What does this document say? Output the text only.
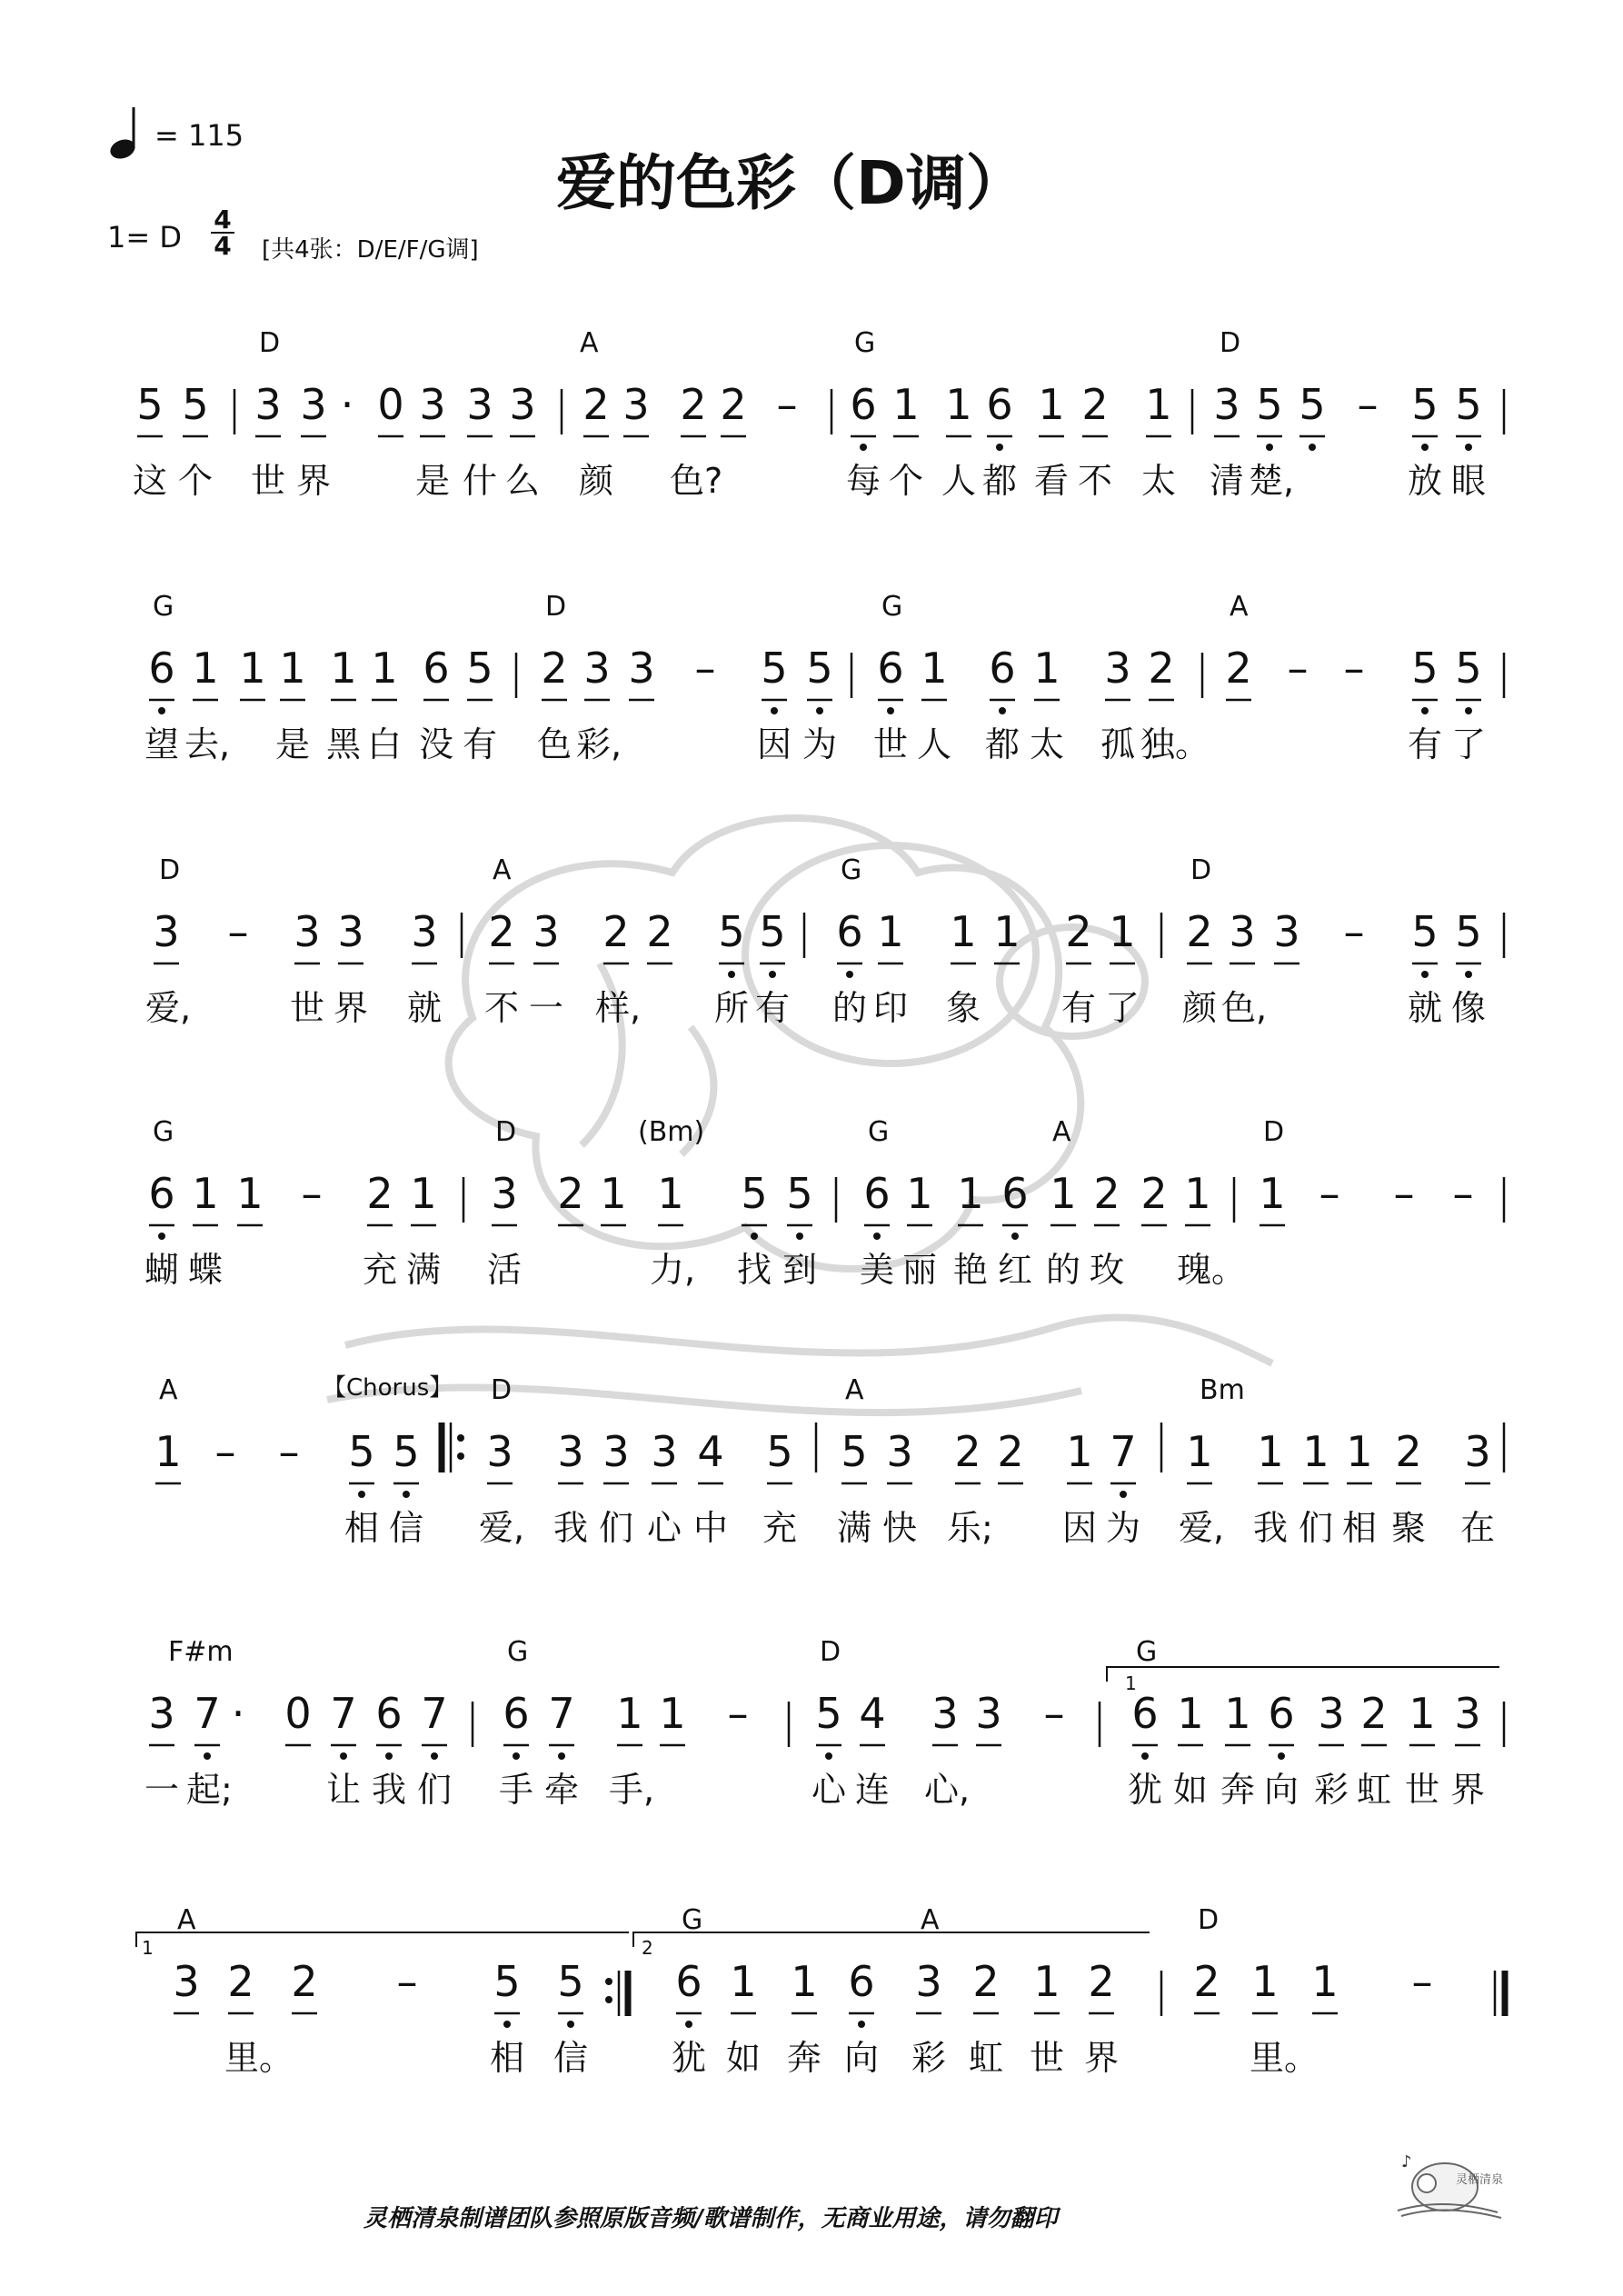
= 115
爱的色彩（D调）
1= D
4
4 [共4张：D/E/F/G调]
D	A	G	D
5 5 3 3 · 0 3 3 3 2 3 2 2 – 6 1 1 6 1 2 1 3 5 5 – 5 5
这 个 世 界 是 什 么 颜 色?	每 个 人 都 看 不 太 清 楚,	放 眼
G	D	G	A
6 1 1 1 1 1 6 5 2 3 3 – 5 5 6 1 6 1 3 2 2 – – 5 5
望 去, 是 黑 白 没 有 色 彩,	因 为 世 人 都 太 孤 独。	有 了
D	A	G	D
3 – 3 3 3 2 3 2 2 5 5 6 1 1 1 2 1 2 3 3 – 5 5
爱,	世 界 就 不 一 样, 所 有 的 印 象 有 了 颜 色,	就 像
G	D	(Bm)	G	A	D
6 1 1 – 2 1 3 2 1 1 5 5 6 1 1 6 1 2 2 1 1 – – –
蝴 蝶	充 满 活	力, 找 到 美 丽 艳 红 的 玫 瑰。
A	D	A	Bm
【Chorus】
1 – – 5 5 3 3 3 3 4 5 5 3 2 2 1 7 1 1 1 1 2 3
相 信 爱, 我 们 心 中 充 满 快 乐; 因 为 爱, 我 们 相 聚 在
F#m	G	D	G
3 7 · 0 7 6 7 6 7 1 1 – 5 4 3 3 – 6 1 1 6 3 2 1 3
一 起;	让 我 们 手 牵 手,	心 连 心,	犹 如 奔 向 彩 虹 世 界
A	G	A	D
3 2 2 – 5 5 6 1 1 6 3 2 1 2 2 1 1 –
里。	相 信 犹 如 奔 向 彩 虹 世 界	里。
1
1	2
灵栖清泉制谱团队参照原版音频/歌谱制作，无商业用途，请勿翻印
♪
灵栖清泉
